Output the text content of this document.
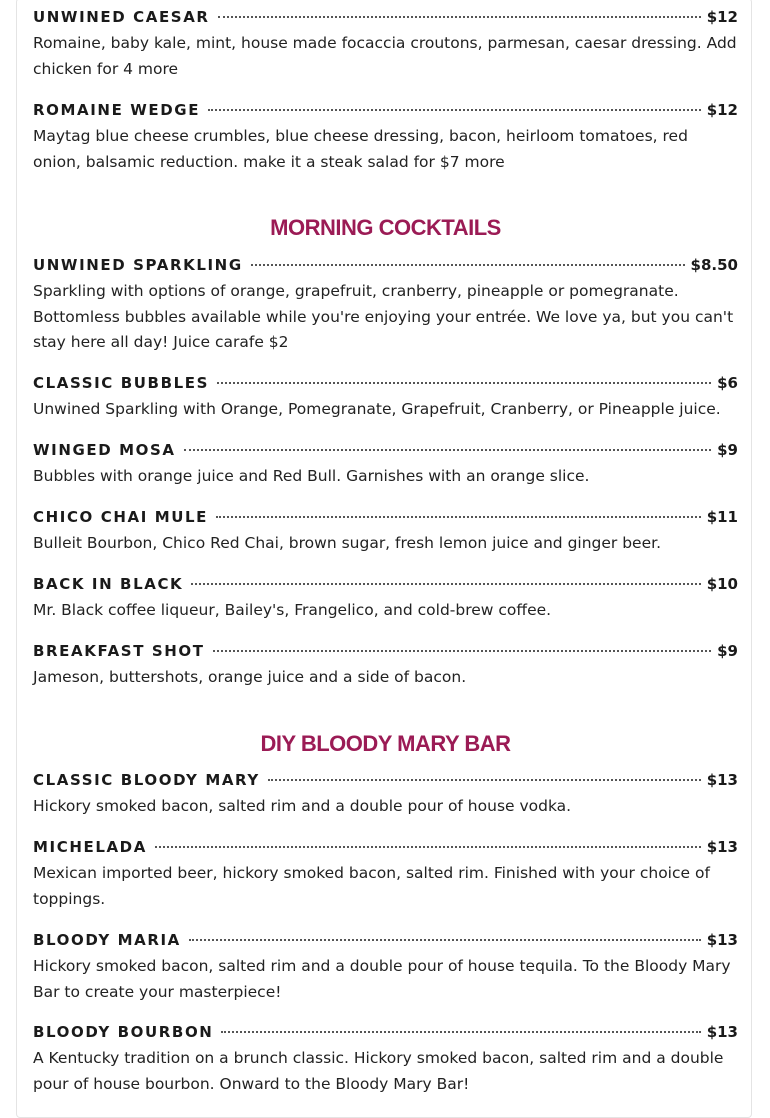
UNWINED CAESAR	$12
Romaine, baby kale, mint, house made focaccia croutons, parmesan, caesar dressing. Add chicken for 4 more
ROMAINE WEDGE	$12
Maytag blue cheese crumbles, blue cheese dressing, bacon, heirloom tomatoes, red onion, balsamic reduction. make it a steak salad for $7 more
MORNING COCKTAILS
UNWINED SPARKLING	$8.50
Sparkling with options of orange, grapefruit, cranberry, pineapple or pomegranate. Bottomless bubbles available while you're enjoying your entrée. We love ya, but you can't stay here all day! Juice carafe $2
CLASSIC BUBBLES	$6
Unwined Sparkling with Orange, Pomegranate, Grapefruit, Cranberry, or Pineapple juice.
WINGED MOSA	$9
Bubbles with orange juice and Red Bull. Garnishes with an orange slice.
CHICO CHAI MULE	$11
Bulleit Bourbon, Chico Red Chai, brown sugar, fresh lemon juice and ginger beer.
BACK IN BLACK	$10
Mr. Black coffee liqueur, Bailey's, Frangelico, and cold-brew coffee.
BREAKFAST SHOT	$9
Jameson, buttershots, orange juice and a side of bacon.
DIY BLOODY MARY BAR
CLASSIC BLOODY MARY	$13
Hickory smoked bacon, salted rim and a double pour of house vodka.
MICHELADA	$13
Mexican imported beer, hickory smoked bacon, salted rim. Finished with your choice of toppings.
BLOODY MARIA	$13
Hickory smoked bacon, salted rim and a double pour of house tequila. To the Bloody Mary Bar to create your masterpiece!
BLOODY BOURBON	$13
A Kentucky tradition on a brunch classic. Hickory smoked bacon, salted rim and a double pour of house bourbon. Onward to the Bloody Mary Bar!
